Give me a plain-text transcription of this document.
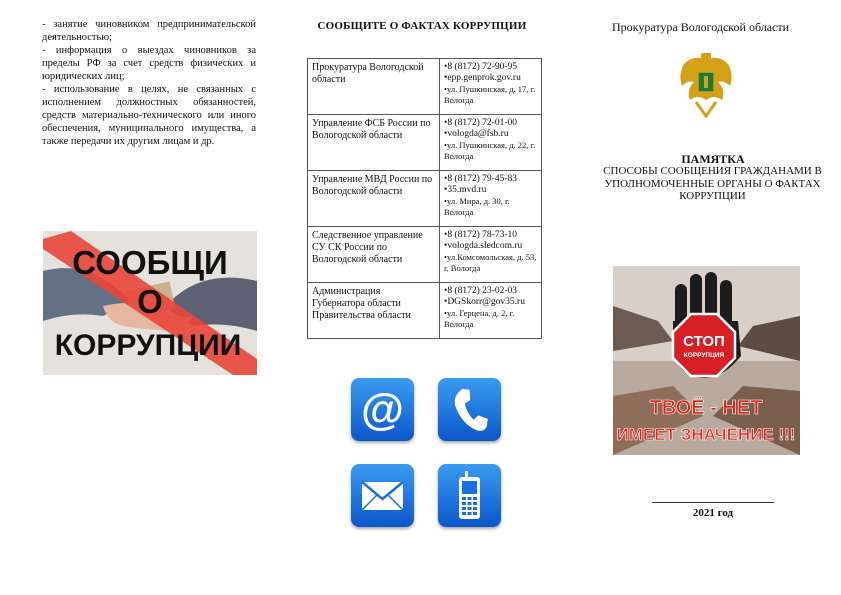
- занятие чиновником предпринимательской деятельностью;

- информация о выездах чиновников за пределы РФ за счет средств физических и юридических лиц;

- использование в целях, не связанных с исполнением должностных обязанностей, средств материально-технического или иного обеспечения, муниципального имущества, а также передачи их другим лицам и др.

СООБЩИ
О
КОРРУПЦИИ
СООБЩИТЕ О ФАКТАХ КОРРУПЦИИ
Прокуратура Вологодской области	•8 (8172) 72-90-95
•epp.genprok.gov.ru
•ул. Пушкинская, д. 17, г. Вологда

Управление ФСБ России по Вологодской области	•8 (8172) 72-01-00
•vologda@fsb.ru
•ул. Пушкинская, д. 22, г. Вологда

Управление МВД России по Вологодской области	•8 (8172) 79-45-83
•35.mvd.ru
•ул. Мира, д. 30, г. Вологда

Следственное управление СУ СК России по Вологодской области	•8 (8172) 78-73-10
•vologda.sledcom.ru
•ул.Комсомольская, д. 53, г. Вологда

Администрация Губернатора области Правительства области	•8 (8172) 23-02-03
•DGSkorr@gov35.ru
•ул. Герцена, д. 2, г. Вологда
@
Прокуратура Вологодской области
ПАМЯТКА
СПОСОБЫ СООБЩЕНИЯ ГРАЖДАНАМИ В УПОЛНОМОЧЕННЫЕ ОРГАНЫ О ФАКТАХ КОРРУПЦИИ
СТОП
КОРРУПЦИЯ
ТВОЁ - НЕТ
ИМЕЕТ ЗНАЧЕНИЕ !!!
2021 год
